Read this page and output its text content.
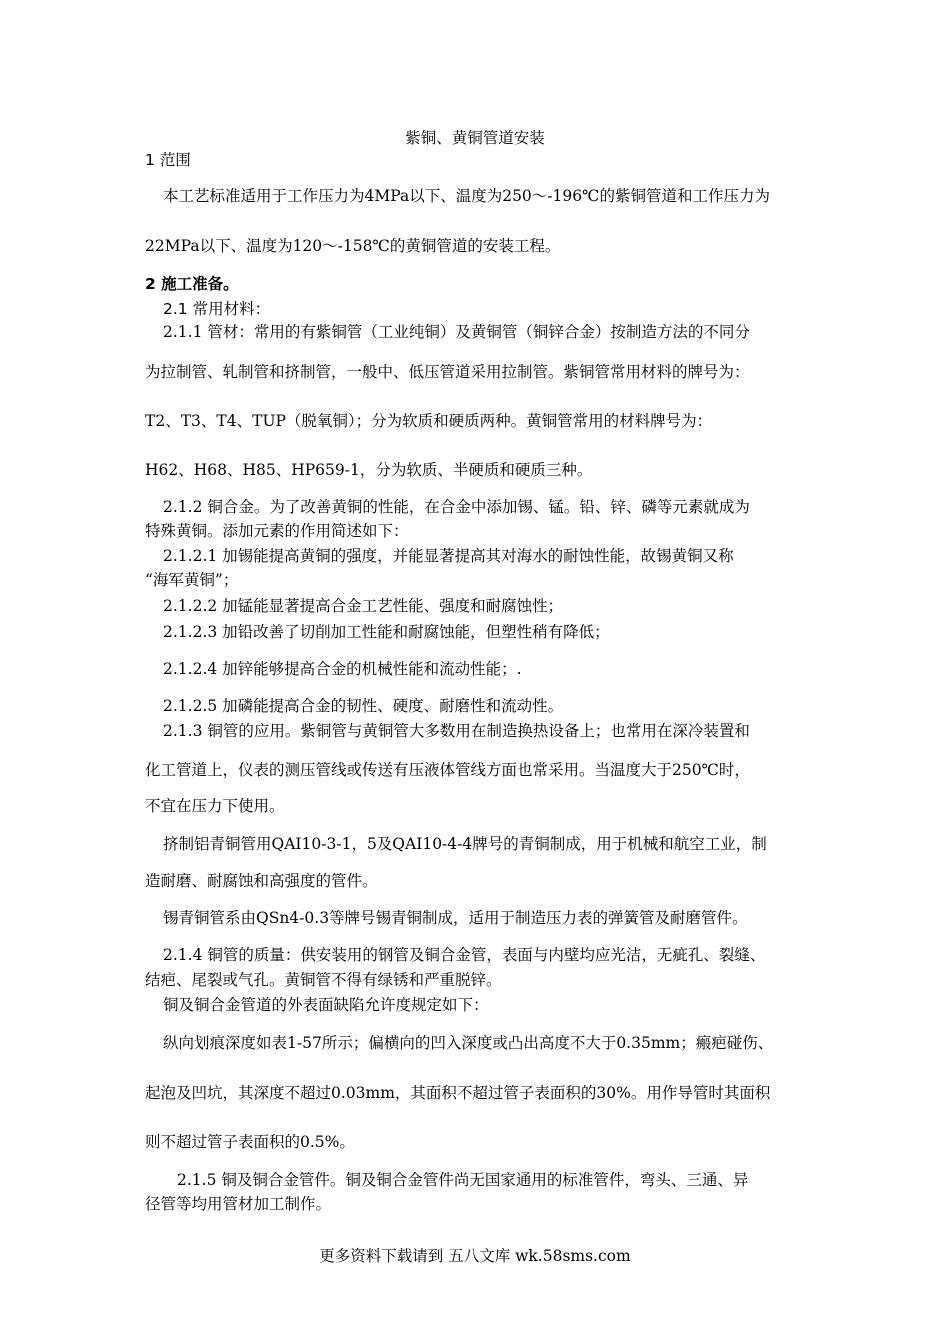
紫铜、黄铜管道安装
1 范围
本工艺标准适用于工作压力为4MPa以下、温度为250～-196℃的紫铜管道和工作压力为
22MPa以下、温度为120～-158℃的黄铜管道的安装工程。
2 施工准备。
2.1 常用材料：
2.1.1 管材：常用的有紫铜管（工业纯铜）及黄铜管（铜锌合金）按制造方法的不同分
为拉制管、轧制管和挤制管，一般中、低压管道采用拉制管。紫铜管常用材料的牌号为：
T2、T3、T4、TUP（脱氧铜）；分为软质和硬质两种。黄铜管常用的材料牌号为：
H62、H68、H85、HP659-1，分为软质、半硬质和硬质三种。
2.1.2 铜合金。为了改善黄铜的性能，在合金中添加锡、锰。铅、锌、磷等元素就成为
特殊黄铜。添加元素的作用简述如下：
2.1.2.1 加锡能提高黄铜的强度，并能显著提高其对海水的耐蚀性能，故锡黄铜又称
“海军黄铜”；
2.1.2.2 加锰能显著提高合金工艺性能、强度和耐腐蚀性；
2.1.2.3 加铅改善了切削加工性能和耐腐蚀能，但塑性稍有降低；
2.1.2.4 加锌能够提高合金的机械性能和流动性能；.
2.1.2.5 加磷能提高合金的韧性、硬度、耐磨性和流动性。
2.1.3 铜管的应用。紫铜管与黄铜管大多数用在制造换热设备上；也常用在深冷装置和
化工管道上，仪表的测压管线或传送有压液体管线方面也常采用。当温度大于250℃时，
不宜在压力下使用。
挤制铝青铜管用QAI10-3-1，5及QAI10-4-4牌号的青铜制成，用于机械和航空工业，制
造耐磨、耐腐蚀和高强度的管件。
锡青铜管系由QSn4-0.3等牌号锡青铜制成，适用于制造压力表的弹簧管及耐磨管件。
2.1.4 铜管的质量：供安装用的钢管及铜合金管，表面与内壁均应光洁，无疵孔、裂缝、
结疤、尾裂或气孔。黄铜管不得有绿锈和严重脱锌。
铜及铜合金管道的外表面缺陷允许度规定如下：
纵向划痕深度如表1-57所示；偏横向的凹入深度或凸出高度不大于0.35mm；瘢疤碰伤、
起泡及凹坑，其深度不超过0.03mm，其面积不超过管子表面积的30%。用作导管时其面积
则不超过管子表面积的0.5%。
2.1.5 铜及铜合金管件。铜及铜合金管件尚无国家通用的标准管件，弯头、三通、异
径管等均用管材加工制作。
更多资料下载请到 五八文库 wk.58sms.com
